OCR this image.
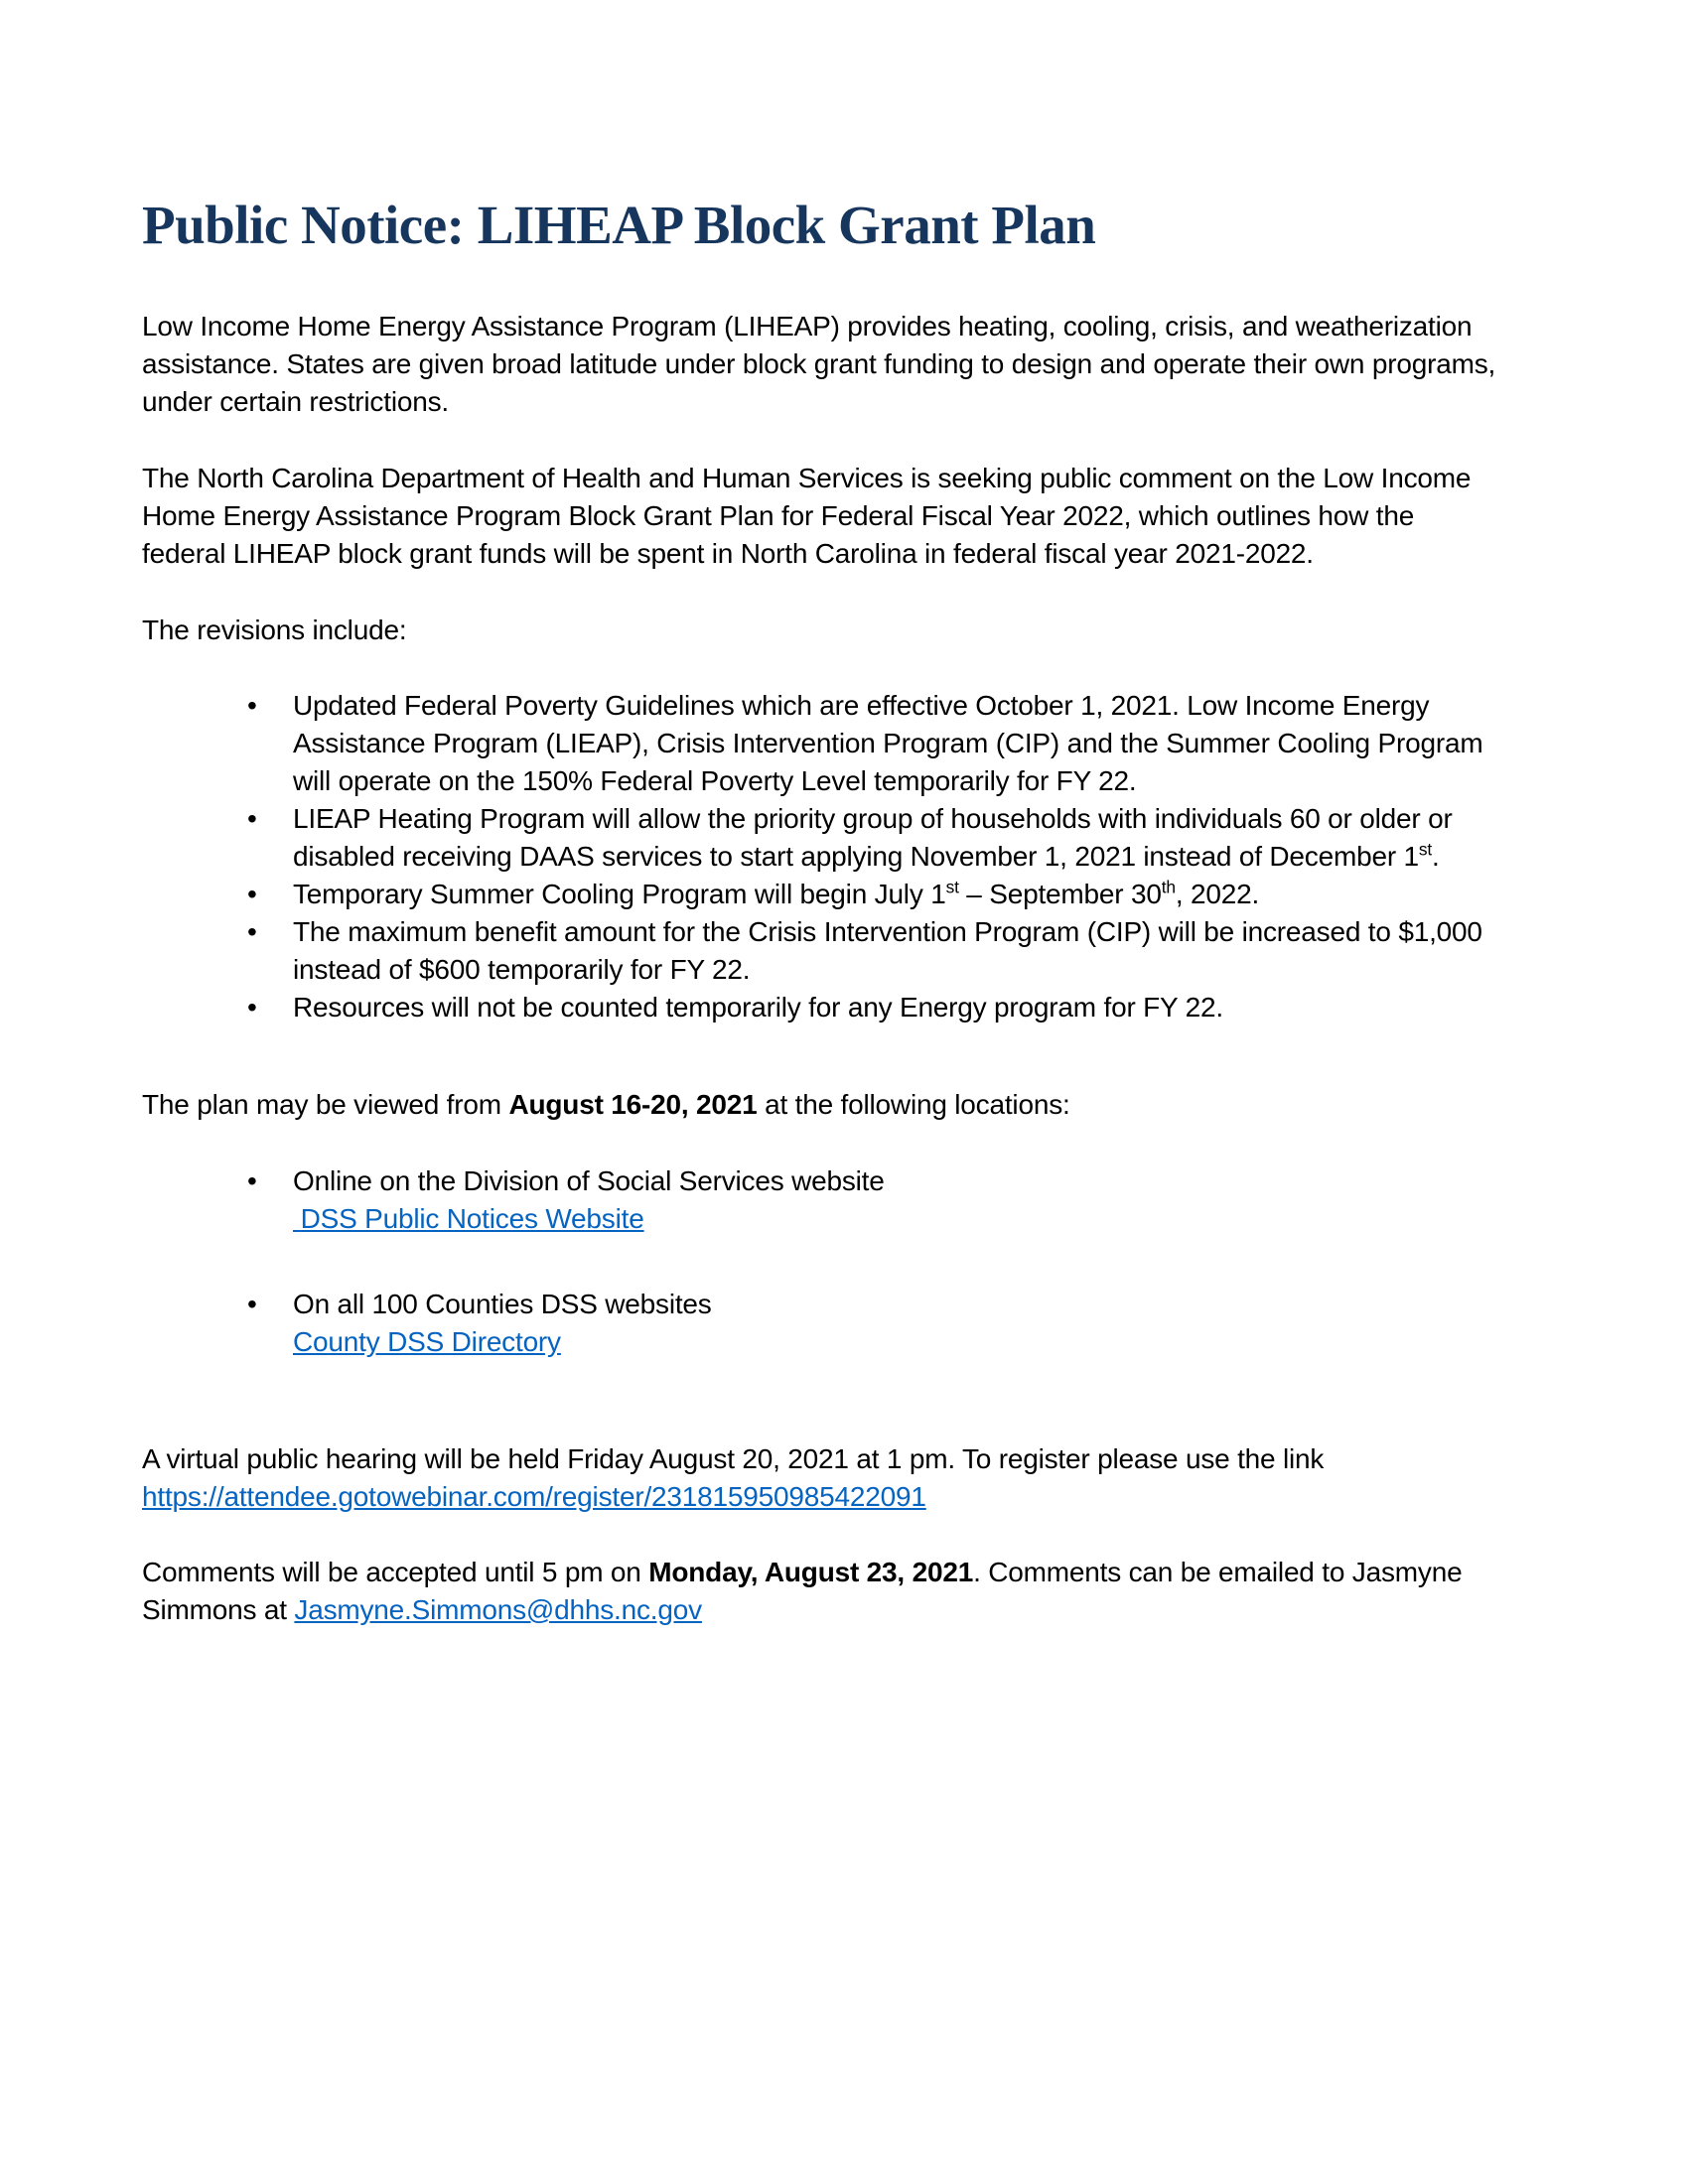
Public Notice: LIHEAP Block Grant Plan

Low Income Home Energy Assistance Program (LIHEAP) provides heating, cooling, crisis, and weatherization assistance. States are given broad latitude under block grant funding to design and operate their own programs, under certain restrictions.

The North Carolina Department of Health and Human Services is seeking public comment on the Low Income Home Energy Assistance Program Block Grant Plan for Federal Fiscal Year 2022, which outlines how the federal LIHEAP block grant funds will be spent in North Carolina in federal fiscal year 2021-2022.

The revisions include:

• Updated Federal Poverty Guidelines which are effective October 1, 2021. Low Income Energy Assistance Program (LIEAP), Crisis Intervention Program (CIP) and the Summer Cooling Program will operate on the 150% Federal Poverty Level temporarily for FY 22.
• LIEAP Heating Program will allow the priority group of households with individuals 60 or older or disabled receiving DAAS services to start applying November 1, 2021 instead of December 1st.
• Temporary Summer Cooling Program will begin July 1st – September 30th, 2022.
• The maximum benefit amount for the Crisis Intervention Program (CIP) will be increased to $1,000 instead of $600 temporarily for FY 22.
• Resources will not be counted temporarily for any Energy program for FY 22.

The plan may be viewed from August 16-20, 2021 at the following locations:

• Online on the Division of Social Services website
DSS Public Notices Website
• On all 100 Counties DSS websites
County DSS Directory

A virtual public hearing will be held Friday August 20, 2021 at 1 pm. To register please use the link https://attendee.gotowebinar.com/register/231815950985422091

Comments will be accepted until 5 pm on Monday, August 23, 2021. Comments can be emailed to Jasmyne Simmons at Jasmyne.Simmons@dhhs.nc.gov
